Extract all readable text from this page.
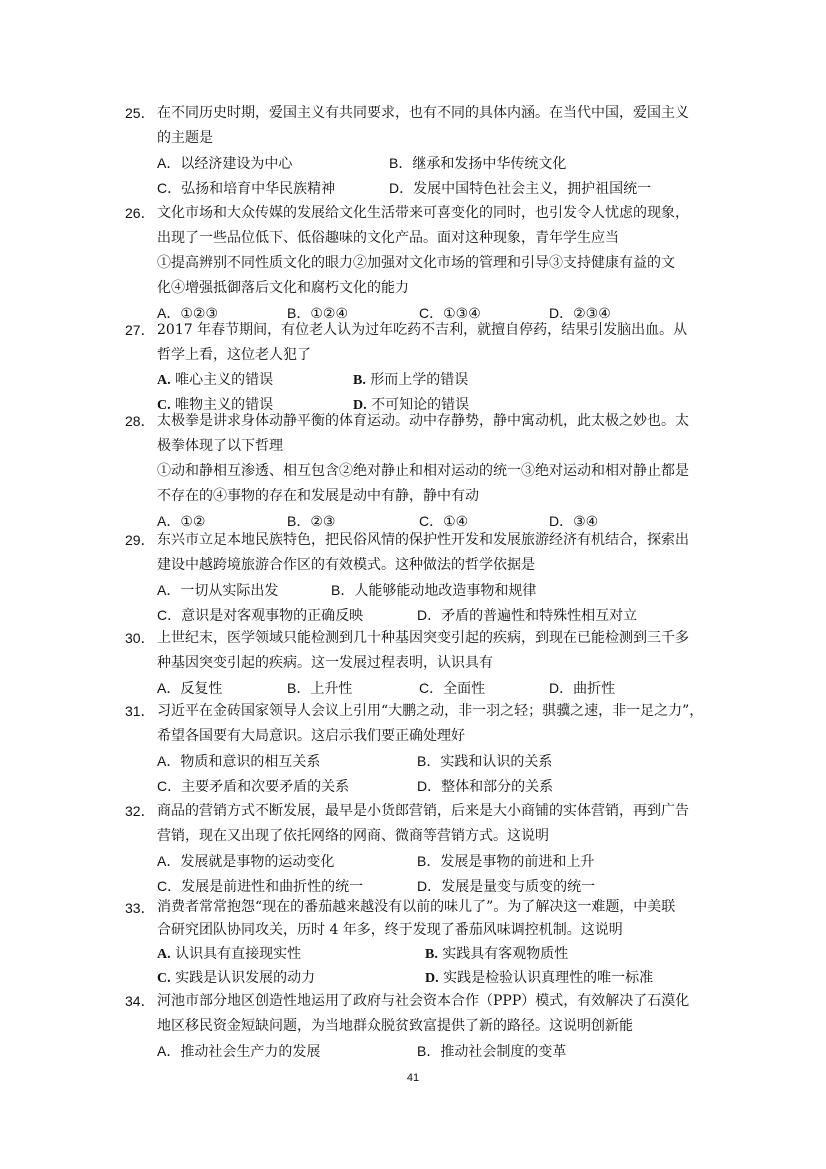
25． 在不同历史时期，爱国主义有共同要求，也有不同的具体内涵。在当代中国，爱国主义
的主题是
A．以经济建设为中心	B．继承和发扬中华传统文化
C．弘扬和培育中华民族精神	D．发展中国特色社会主义，拥护祖国统一
26． 文化市场和大众传媒的发展给文化生活带来可喜变化的同时，也引发令人忧虑的现象，
出现了一些品位低下、低俗趣味的文化产品。面对这种现象，青年学生应当
①提高辨别不同性质文化的眼力②加强对文化市场的管理和引导③支持健康有益的文
化④增强抵御落后文化和腐朽文化的能力
A．①②③	B．①②④	C．①③④	D．②③④
27． 2017 年春节期间，有位老人认为过年吃药不吉利，就擅自停药，结果引发脑出血。从
哲学上看，这位老人犯了
A. 唯心主义的错误	B. 形而上学的错误
C. 唯物主义的错误	D. 不可知论的错误
28． 太极拳是讲求身体动静平衡的体育运动。动中存静势，静中寓动机，此太极之妙也。太
极拳体现了以下哲理
①动和静相互渗透、相互包含②绝对静止和相对运动的统一③绝对运动和相对静止都是
不存在的④事物的存在和发展是动中有静，静中有动
A．①②	B．②③	C．①④	D．③④
29． 东兴市立足本地民族特色，把民俗风情的保护性开发和发展旅游经济有机结合，探索出
建设中越跨境旅游合作区的有效模式。这种做法的哲学依据是
A．一切从实际出发	B．人能够能动地改造事物和规律
C．意识是对客观事物的正确反映	D．矛盾的普遍性和特殊性相互对立
30． 上世纪末，医学领域只能检测到几十种基因突变引起的疾病，到现在已能检测到三千多
种基因突变引起的疾病。这一发展过程表明，认识具有
A．反复性	B．上升性	C．全面性	D．曲折性
31． 习近平在金砖国家领导人会议上引用“大鹏之动，非一羽之轻；骐骥之速，非一足之力”，
希望各国要有大局意识。这启示我们要正确处理好
A．物质和意识的相互关系	B．实践和认识的关系
C．主要矛盾和次要矛盾的关系	D．整体和部分的关系
32． 商品的营销方式不断发展，最早是小货郎营销，后来是大小商铺的实体营销，再到广告
营销，现在又出现了依托网络的网商、微商等营销方式。这说明
A．发展就是事物的运动变化	B．发展是事物的前进和上升
C．发展是前进性和曲折性的统一	D．发展是量变与质变的统一
33． 消费者常常抱怨“现在的番茄越来越没有以前的味儿了”。为了解决这一难题，中美联
合研究团队协同攻关，历时 4 年多，终于发现了番茄风味调控机制。这说明
A. 认识具有直接现实性	B. 实践具有客观物质性
C. 实践是认识发展的动力	D. 实践是检验认识真理性的唯一标准
34． 河池市部分地区创造性地运用了政府与社会资本合作（PPP）模式，有效解决了石漠化
地区移民资金短缺问题，为当地群众脱贫致富提供了新的路径。这说明创新能
A．推动社会生产力的发展	B．推动社会制度的变革
41
